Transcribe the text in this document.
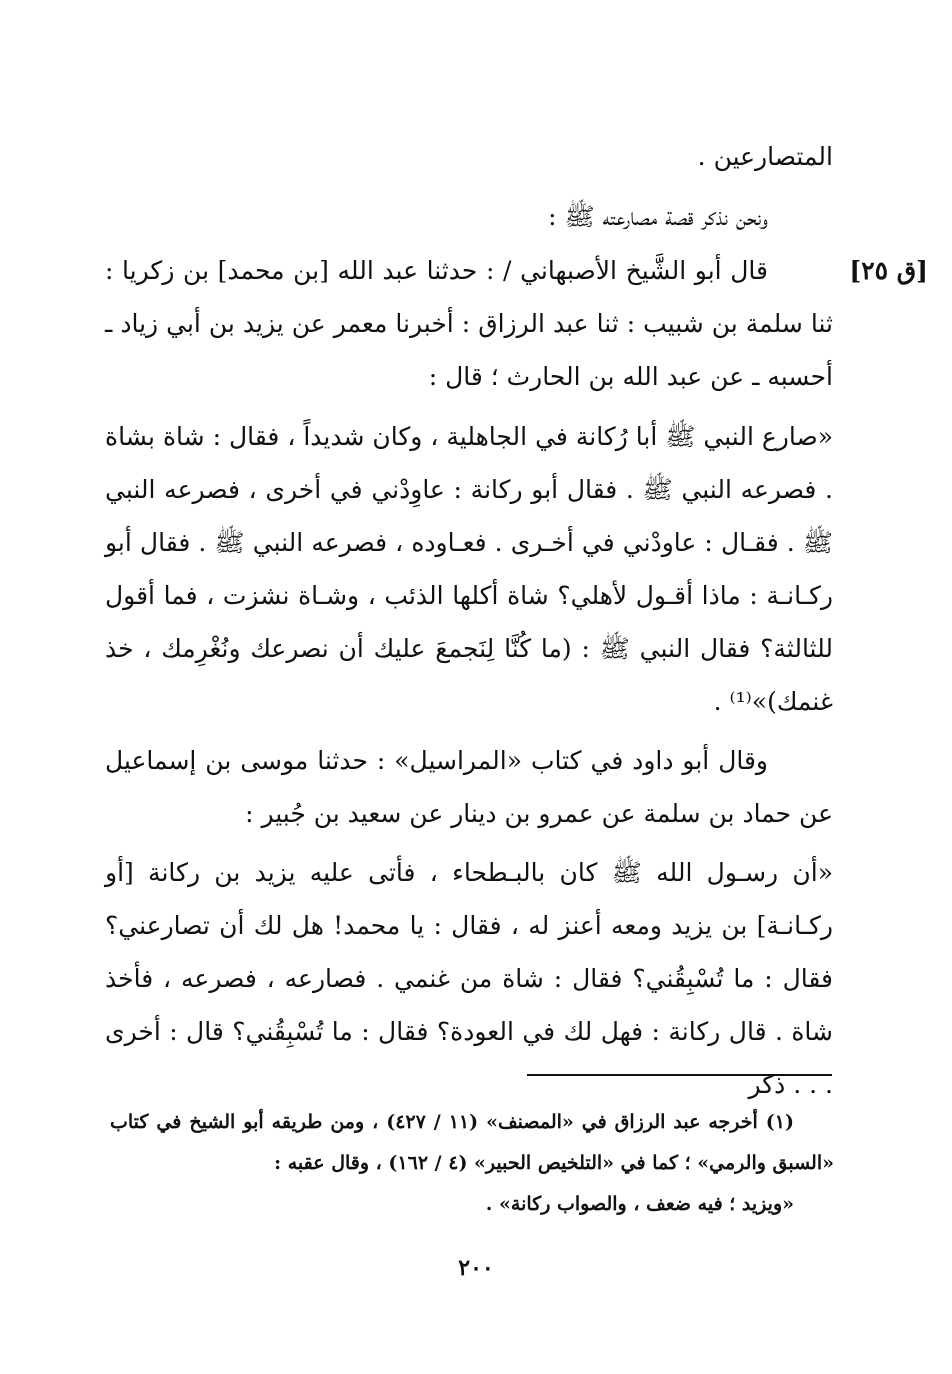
[ق ٢٥]

المتصارعين .

ونحن نذكر قصة مصارعته ﷺ :

قال أبو الشَّيخ الأصبهاني / : حدثنا عبد الله [بن محمد] بن زكريا : ثنا سلمة بن شبيب : ثنا عبد الرزاق : أخبرنا معمر عن يزيد بن أبي زياد ـ أحسبه ـ عن عبد الله بن الحارث ؛ قال :

«صارع النبي ﷺ أبا رُكانة في الجاهلية ، وكان شديداً ، فقال : شاة بشاة . فصرعه النبي ﷺ . فقال أبو ركانة : عاوِدْني في أخرى ، فصرعه النبي ﷺ . فقـال : عاودْني في أخـرى . فعـاوده ، فصرعه النبي ﷺ . فقال أبو ركـانـة : ماذا أقـول لأهلي؟ شاة أكلها الذئب ، وشـاة نشزت ، فما أقول للثالثة؟ فقال النبي ﷺ : (ما كُنَّا لِنَجمعَ عليك أن نصرعك ونُغْرِمك ، خذ غنمك)»⁽¹⁾ .

وقال أبو داود في كتاب «المراسيل» : حدثنا موسى بن إسماعيل عن حماد بن سلمة عن عمرو بن دينار عن سعيد بن جُبير :

«أن رسـول الله ﷺ كان بالبـطحاء ، فأتى عليه يزيد بن ركانة [أو ركـانـة] بن يزيد ومعه أعنز له ، فقال : يا محمد! هل لك أن تصارعني؟ فقال : ما تُسْبِقُني؟ فقال : شاة من غنمي . فصارعه ، فصرعه ، فأخذ شاة . قال ركانة : فهل لك في العودة؟ فقال : ما تُسْبِقُني؟ قال : أخرى . . . ذكر

(١) أخرجه عبد الرزاق في «المصنف» (١١ / ٤٢٧) ، ومن طريقه أبو الشيخ في كتاب «السبق والرمي» ؛ كما في «التلخيص الحبير» (٤ / ١٦٢) ، وقال عقبه :

«ويزيد ؛ فيه ضعف ، والصواب ركانة» .

٢٠٠
